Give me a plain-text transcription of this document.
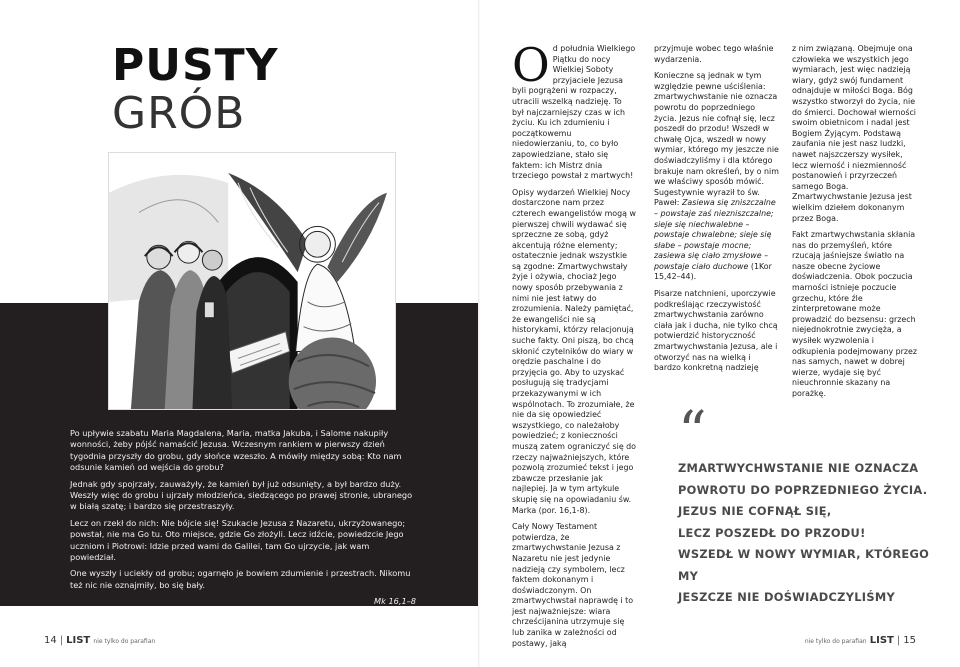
PUSTY
GRÓB

Po upływie szabatu Maria Magdalena, Maria, matka Jakuba, i Salome nakupiły wonności, żeby pójść namaścić Jezusa. Wczesnym rankiem w pierwszy dzień tygodnia przyszły do grobu, gdy słońce wzeszło. A mówiły między sobą: Kto nam odsunie kamień od wejścia do grobu?

Jednak gdy spojrzały, zauważyły, że kamień był już odsunięty, a był bardzo duży. Weszły więc do grobu i ujrzały młodzieńca, siedzącego po prawej stronie, ubranego w białą szatę; i bardzo się przestraszyły.

Lecz on rzekł do nich: Nie bójcie się! Szukacie Jezusa z Nazaretu, ukrzyżowanego; powstał, nie ma Go tu. Oto miejsce, gdzie Go złożyli. Lecz idźcie, powiedzcie Jego uczniom i Piotrowi: Idzie przed wami do Galilei, tam Go ujrzycie, jak wam powiedział.

One wyszły i uciekły od grobu; ogarnęło je bowiem zdumienie i przestrach. Nikomu też nic nie oznajmiły, bo się bały.

Mk 16,1–8
14 | LIST nie tylko do parafian

Od południa Wielkiego Piątku do nocy Wielkiej Soboty przyjaciele Jezusa byli pogrążeni w rozpaczy, utracili wszelką nadzieję. To był najczarniejszy czas w ich życiu. Ku ich zdumieniu i początkowemu niedowierzaniu, to, co było zapowiedziane, stało się faktem: ich Mistrz dnia trzeciego powstał z martwych!

Opisy wydarzeń Wielkiej Nocy dostarczone nam przez czterech ewangelistów mogą w pierwszej chwili wydawać się sprzeczne ze sobą, gdyż akcentują różne elementy; ostatecznie jednak wszystkie są zgodne: Zmartwychwstały żyje i ożywia, chociaż Jego nowy sposób przebywania z nimi nie jest łatwy do zrozumienia. Należy pamiętać, że ewangeliści nie są historykami, którzy relacjonują suche fakty. Oni piszą, bo chcą skłonić czytelników do wiary w orędzie paschalne i do przyjęcia go. Aby to uzyskać posługują się tradycjami przekazywanymi w ich wspólnotach. To zrozumiałe, że nie da się opowiedzieć wszystkiego, co należałoby powiedzieć; z konieczności muszą zatem ograniczyć się do rzeczy najważniejszych, które pozwolą zrozumieć tekst i jego zbawcze przesłanie jak najlepiej. Ja w tym artykule skupię się na opowiadaniu św. Marka (por. 16,1-8).

Cały Nowy Testament potwierdza, że zmartwychwstanie Jezusa z Nazaretu nie jest jedynie nadzieją czy symbolem, lecz faktem dokonanym i doświadczonym. On zmartwychwstał naprawdę i to jest najważniejsze: wiara chrześcijanina utrzymuje się lub zanika w zależności od postawy, jaką

przyjmuje wobec tego właśnie wydarzenia.

Konieczne są jednak w tym względzie pewne uściślenia: zmartwychwstanie nie oznacza powrotu do poprzedniego życia. Jezus nie cofnął się, lecz poszedł do przodu! Wszedł w chwałę Ojca, wszedł w nowy wymiar, którego my jeszcze nie doświadczyliśmy i dla którego brakuje nam określeń, by o nim we właściwy sposób mówić. Sugestywnie wyraził to św. Paweł: Zasiewa się zniszczalne – powstaje zaś niezniszczalne; sieje się niechwalebne – powstaje chwalebne; sieje się słabe – powstaje mocne; zasiewa się ciało zmysłowe – powstaje ciało duchowe (1Kor 15,42–44).

Pisarze natchnieni, uporczywie podkreślając rzeczywistość zmartwychwstania zarówno ciała jak i ducha, nie tylko chcą potwierdzić historyczność zmartwychwstania Jezusa, ale i otworzyć nas na wielką i bardzo konkretną nadzieję

z nim związaną. Obejmuje ona człowieka we wszystkich jego wymiarach, jest więc nadzieją wiary, gdyż swój fundament odnajduje w miłości Boga. Bóg wszystko stworzył do życia, nie do śmierci. Dochował wierności swoim obietnicom i nadal jest Bogiem Żyjącym. Podstawą zaufania nie jest nasz ludzki, nawet najszczerszy wysiłek, lecz wierność i niezmienność postanowień i przyrzeczeń samego Boga. Zmartwychwstanie Jezusa jest wielkim dziełem dokonanym przez Boga.

Fakt zmartwychwstania skłania nas do przemyśleń, które rzucają jaśniejsze światło na nasze obecne życiowe doświadczenia. Obok poczucia marności istnieje poczucie grzechu, które źle zinterpretowane może prowadzić do bezsensu: grzech niejednokrotnie zwycięża, a wysiłek wyzwolenia i odkupienia podejmowany przez nas samych, nawet w dobrej wierze, wydaje się być nieuchronnie skazany na porażkę.

“

ZMARTWYCHWSTANIE NIE OZNACZA

POWROTU DO POPRZEDNIEGO ŻYCIA.

JEZUS NIE COFNĄŁ SIĘ,

LECZ POSZEDŁ DO PRZODU!

WSZEDŁ W NOWY WYMIAR, KTÓREGO MY

JESZCZE NIE DOŚWIADCZYLIŚMY

nie tylko do parafian LIST | 15
